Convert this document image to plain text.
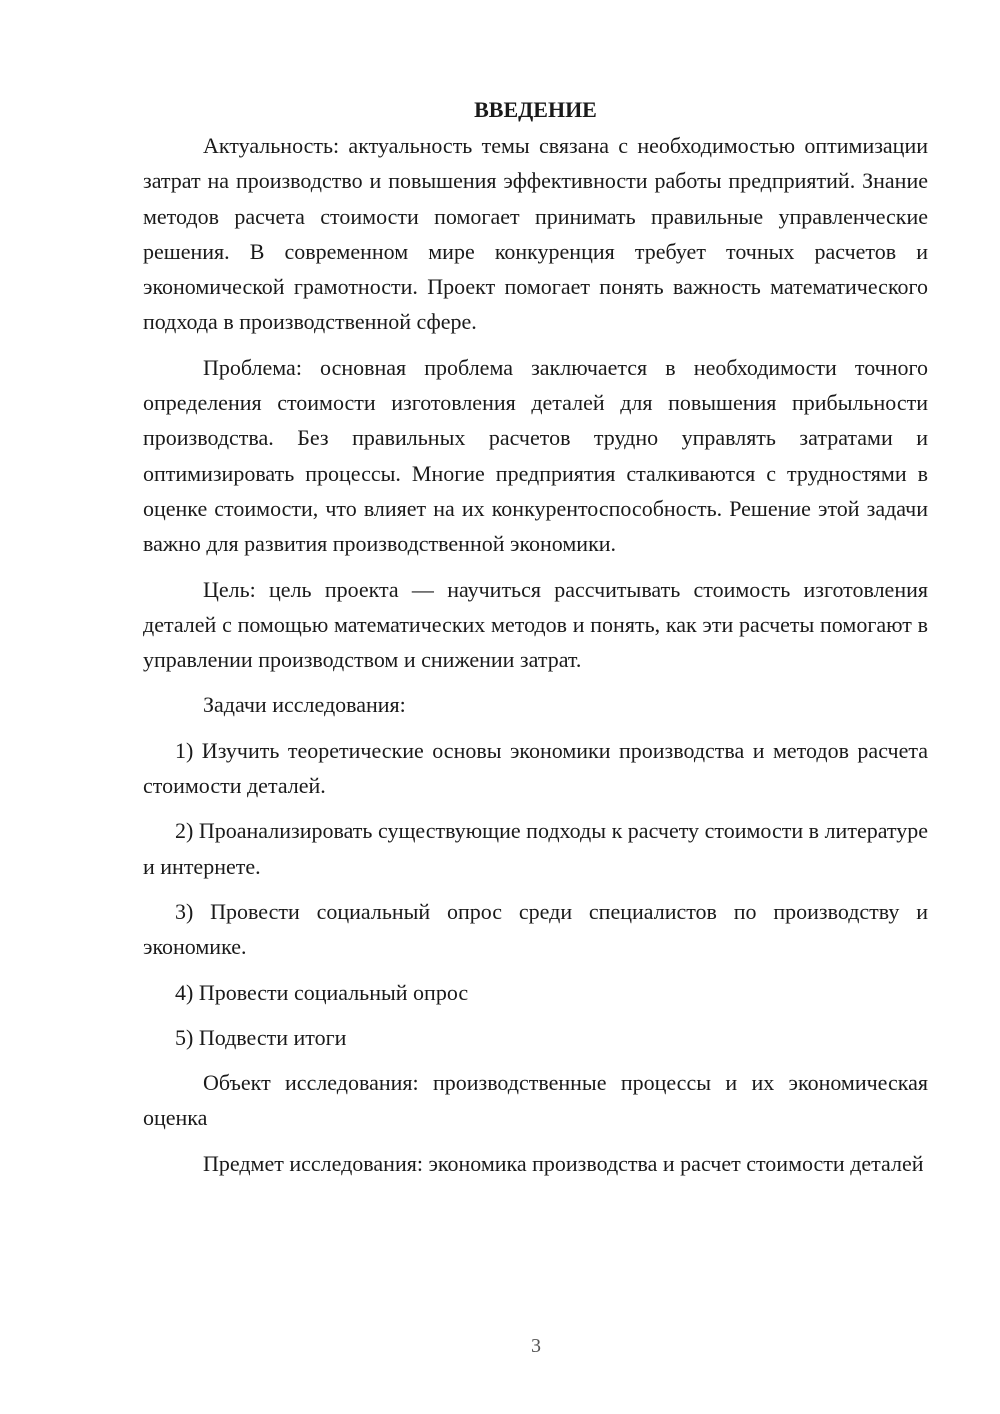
ВВЕДЕНИЕ

Актуальность: актуальность темы связана с необходимостью оптимизации затрат на производство и повышения эффективности работы предприятий. Знание методов расчета стоимости помогает принимать правильные управленческие решения. В современном мире конкуренция требует точных расчетов и экономической грамотности. Проект помогает понять важность математического подхода в производственной сфере.

Проблема: основная проблема заключается в необходимости точного определения стоимости изготовления деталей для повышения прибыльности производства. Без правильных расчетов трудно управлять затратами и оптимизировать процессы. Многие предприятия сталкиваются с трудностями в оценке стоимости, что влияет на их конкурентоспособность. Решение этой задачи важно для развития производственной экономики.

Цель: цель проекта — научиться рассчитывать стоимость изготовления деталей с помощью математических методов и понять, как эти расчеты помогают в управлении производством и снижении затрат.

Задачи исследования:

1) Изучить теоретические основы экономики производства и методов расчета стоимости деталей.

2) Проанализировать существующие подходы к расчету стоимости в литературе и интернете.

3) Провести социальный опрос среди специалистов по производству и экономике.

4) Провести социальный опрос

5) Подвести итоги

Объект исследования: производственные процессы и их экономическая оценка

Предмет исследования: экономика производства и расчет стоимости деталей

3
